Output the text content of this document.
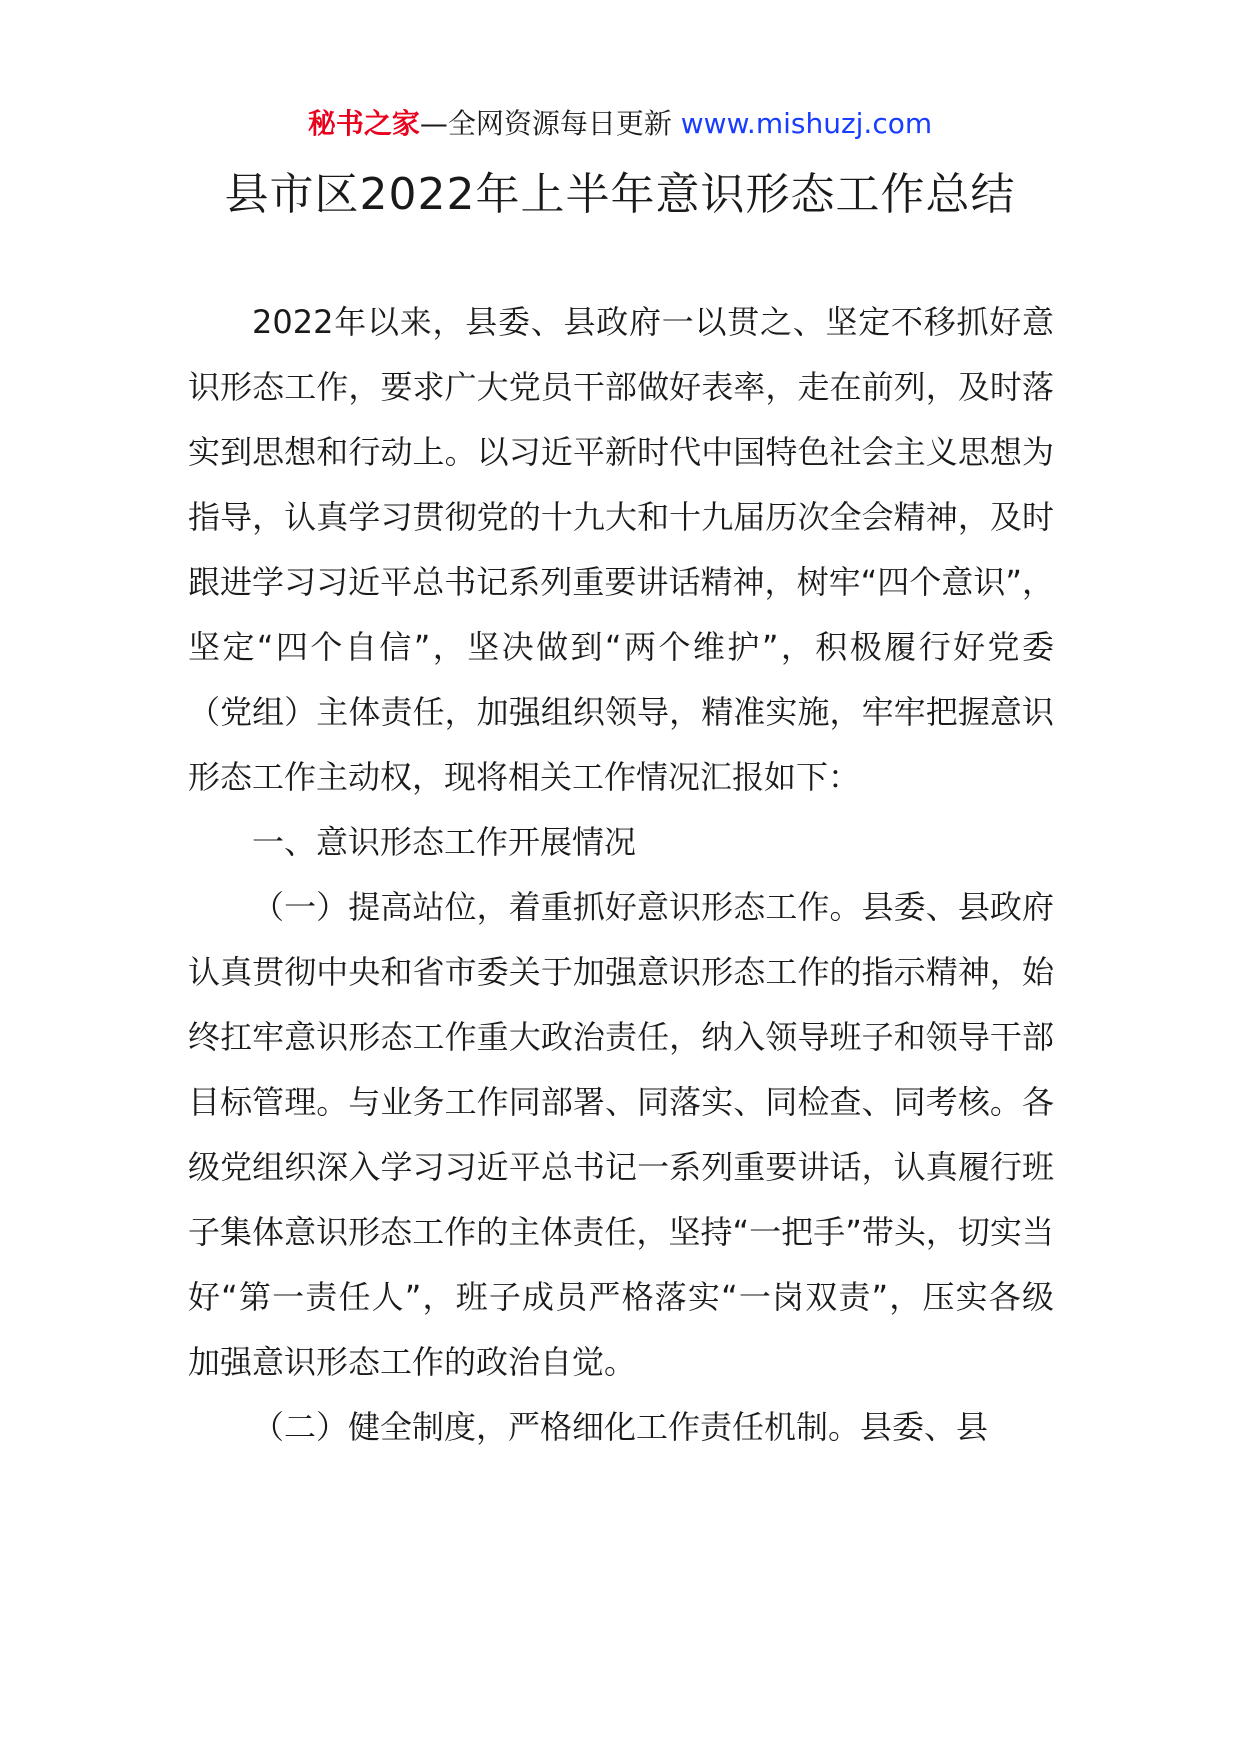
秘书之家—全网资源每日更新 www.mishuzj.com
县市区2022年上半年意识形态工作总结

2022年以来，县委、县政府一以贯之、坚定不移抓好意识形态工作，要求广大党员干部做好表率，走在前列，及时落实到思想和行动上。以习近平新时代中国特色社会主义思想为指导，认真学习贯彻党的十九大和十九届历次全会精神，及时跟进学习习近平总书记系列重要讲话精神，树牢“四个意识”，坚定“四个自信”，坚决做到“两个维护”，积极履行好党委（党组）主体责任，加强组织领导，精准实施，牢牢把握意识形态工作主动权，现将相关工作情况汇报如下：

一、意识形态工作开展情况

（一）提高站位，着重抓好意识形态工作。县委、县政府认真贯彻中央和省市委关于加强意识形态工作的指示精神，始终扛牢意识形态工作重大政治责任，纳入领导班子和领导干部目标管理。与业务工作同部署、同落实、同检查、同考核。各级党组织深入学习习近平总书记一系列重要讲话，认真履行班子集体意识形态工作的主体责任，坚持“一把手”带头，切实当好“第一责任人”，班子成员严格落实“一岗双责”，压实各级加强意识形态工作的政治自觉。

（二）健全制度，严格细化工作责任机制。县委、县
